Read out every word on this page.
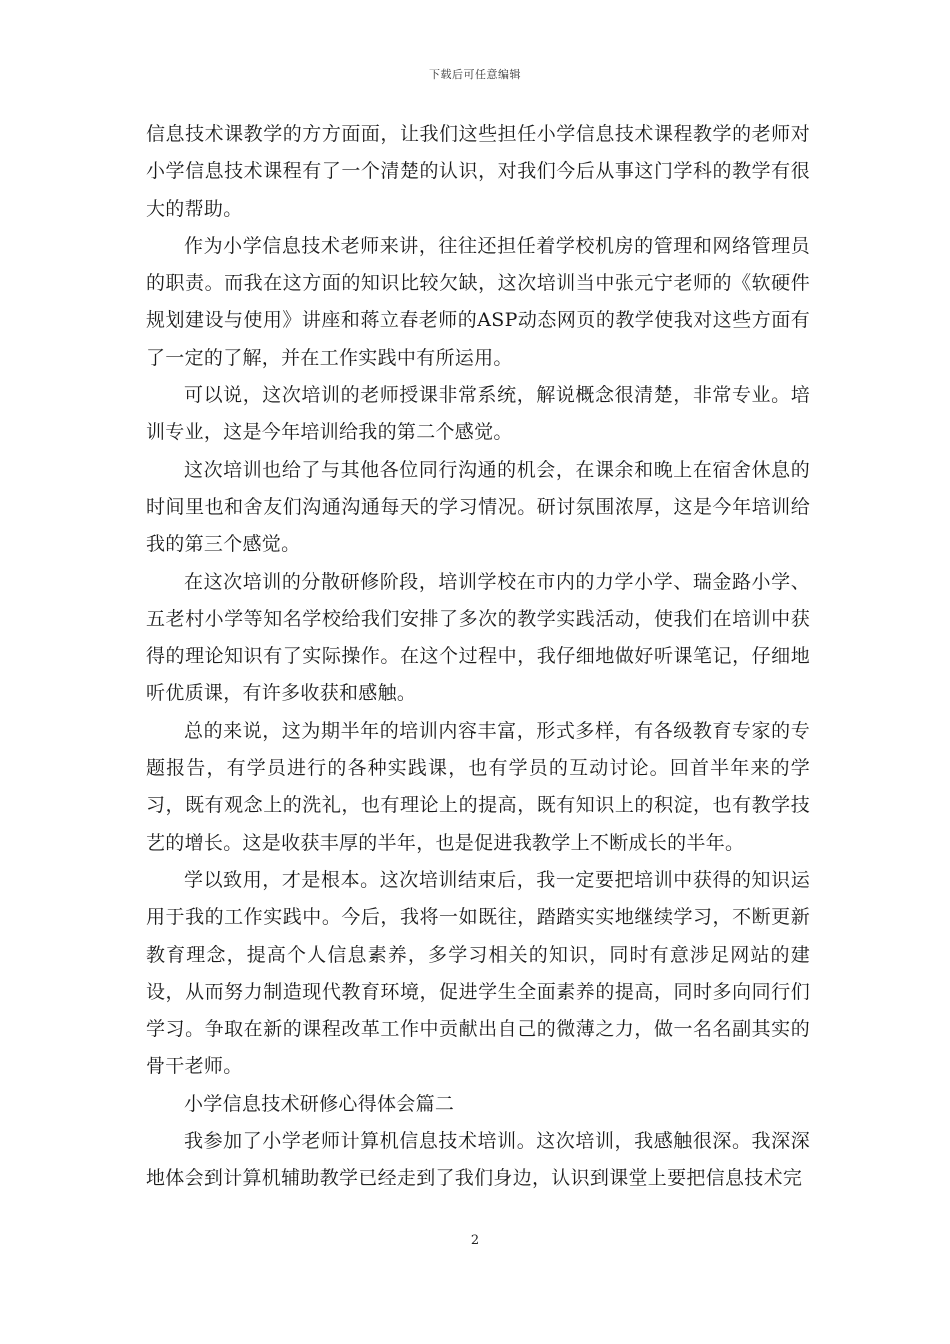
下载后可任意编辑

信息技术课教学的方方面面，让我们这些担任小学信息技术课程教学的老师对小学信息技术课程有了一个清楚的认识，对我们今后从事这门学科的教学有很大的帮助。

作为小学信息技术老师来讲，往往还担任着学校机房的管理和网络管理员的职责。而我在这方面的知识比较欠缺，这次培训当中张元宁老师的《软硬件规划建设与使用》讲座和蒋立春老师的ASP动态网页的教学使我对这些方面有了一定的了解，并在工作实践中有所运用。

可以说，这次培训的老师授课非常系统，解说概念很清楚，非常专业。培训专业，这是今年培训给我的第二个感觉。

这次培训也给了与其他各位同行沟通的机会，在课余和晚上在宿舍休息的时间里也和舍友们沟通沟通每天的学习情况。研讨氛围浓厚，这是今年培训给我的第三个感觉。

在这次培训的分散研修阶段，培训学校在市内的力学小学、瑞金路小学、五老村小学等知名学校给我们安排了多次的教学实践活动，使我们在培训中获得的理论知识有了实际操作。在这个过程中，我仔细地做好听课笔记，仔细地听优质课，有许多收获和感触。

总的来说，这为期半年的培训内容丰富，形式多样，有各级教育专家的专题报告，有学员进行的各种实践课，也有学员的互动讨论。回首半年来的学习，既有观念上的洗礼，也有理论上的提高，既有知识上的积淀，也有教学技艺的增长。这是收获丰厚的半年，也是促进我教学上不断成长的半年。

学以致用，才是根本。这次培训结束后，我一定要把培训中获得的知识运用于我的工作实践中。今后，我将一如既往，踏踏实实地继续学习，不断更新教育理念，提高个人信息素养，多学习相关的知识，同时有意涉足网站的建设，从而努力制造现代教育环境，促进学生全面素养的提高，同时多向同行们学习。争取在新的课程改革工作中贡献出自己的微薄之力，做一名名副其实的骨干老师。

小学信息技术研修心得体会篇二

我参加了小学老师计算机信息技术培训。这次培训，我感触很深。我深深地体会到计算机辅助教学已经走到了我们身边，认识到课堂上要把信息技术完

2
